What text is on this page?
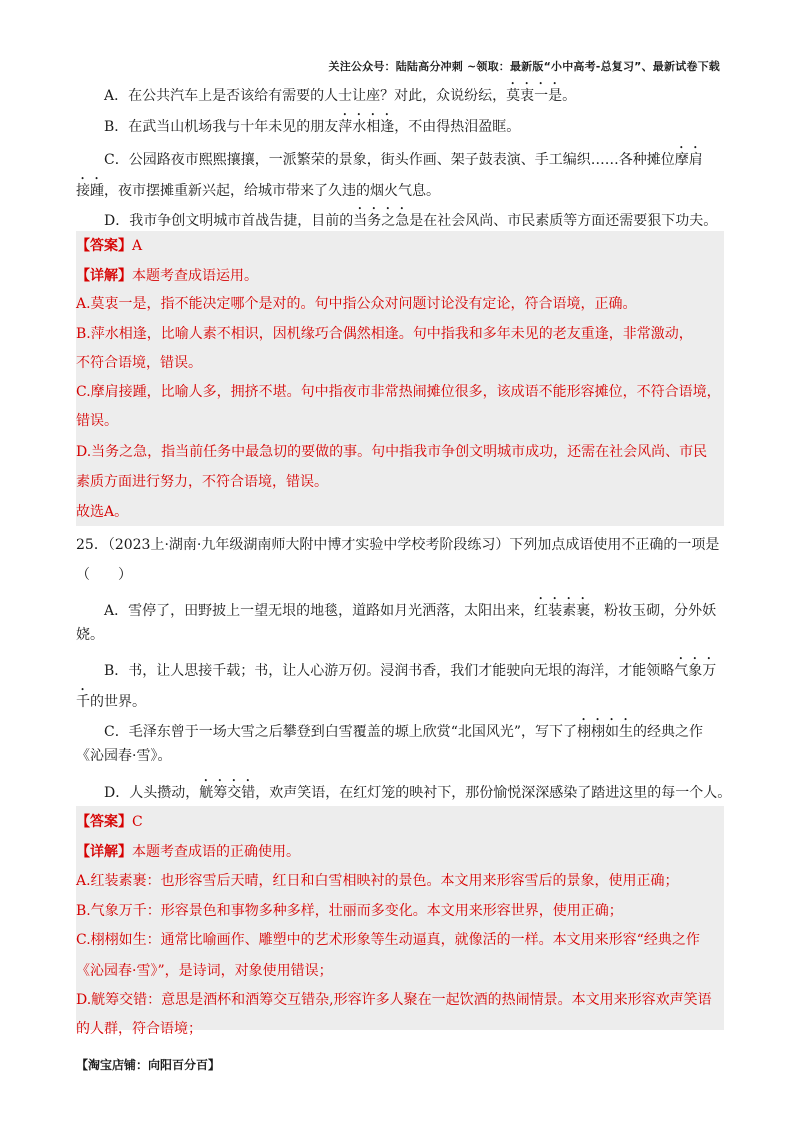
关注公众号：陆陆高分冲刺 ~领取：最新版“小中高考-总复习”、最新试卷下载
A．在公共汽车上是否该给有需要的人士让座？对此，众说纷纭，莫衷一是。
B．在武当山机场我与十年未见的朋友萍水相逢，不由得热泪盈眶。
C．公园路夜市熙熙攘攘，一派繁荣的景象，街头作画、架子鼓表演、手工编织……各种摊位摩肩
接踵，夜市摆摊重新兴起，给城市带来了久违的烟火气息。
D．我市争创文明城市首战告捷，目前的当务之急是在社会风尚、市民素质等方面还需要狠下功夫。
【答案】A
【详解】本题考查成语运用。
A.莫衷一是，指不能决定哪个是对的。句中指公众对问题讨论没有定论，符合语境，正确。
B.萍水相逢，比喻人素不相识，因机缘巧合偶然相逢。句中指我和多年未见的老友重逢，非常激动，
不符合语境，错误。
C.摩肩接踵，比喻人多，拥挤不堪。句中指夜市非常热闹摊位很多，该成语不能形容摊位，不符合语境，
错误。
D.当务之急，指当前任务中最急切的要做的事。句中指我市争创文明城市成功，还需在社会风尚、市民
素质方面进行努力，不符合语境，错误。
故选A。
25．（2023上·湖南·九年级湖南师大附中博才实验中学校考阶段练习）下列加点成语使用不正确的一项是
（　　）
A．雪停了，田野披上一望无垠的地毯，道路如月光洒落，太阳出来，红装素裹，粉妆玉砌，分外妖
娆。
B．书，让人思接千载；书，让人心游万仞。浸润书香，我们才能驶向无垠的海洋，才能领略气象万
千的世界。
C．毛泽东曾于一场大雪之后攀登到白雪覆盖的塬上欣赏“北国风光”，写下了栩栩如生的经典之作
《沁园春·雪》。
D．人头攒动，觥筹交错，欢声笑语，在红灯笼的映衬下，那份愉悦深深感染了踏进这里的每一个人。
【答案】C
【详解】本题考查成语的正确使用。
A.红装素裹：也形容雪后天晴，红日和白雪相映衬的景色。本文用来形容雪后的景象，使用正确；
B.气象万千：形容景色和事物多种多样，壮丽而多变化。本文用来形容世界，使用正确；
C.栩栩如生：通常比喻画作、雕塑中的艺术形象等生动逼真，就像活的一样。本文用来形容“经典之作
《沁园春·雪》”，是诗词，对象使用错误；
D.觥筹交错：意思是酒杯和酒筹交互错杂,形容许多人聚在一起饮酒的热闹情景。本文用来形容欢声笑语
的人群，符合语境；
【淘宝店铺：向阳百分百】
